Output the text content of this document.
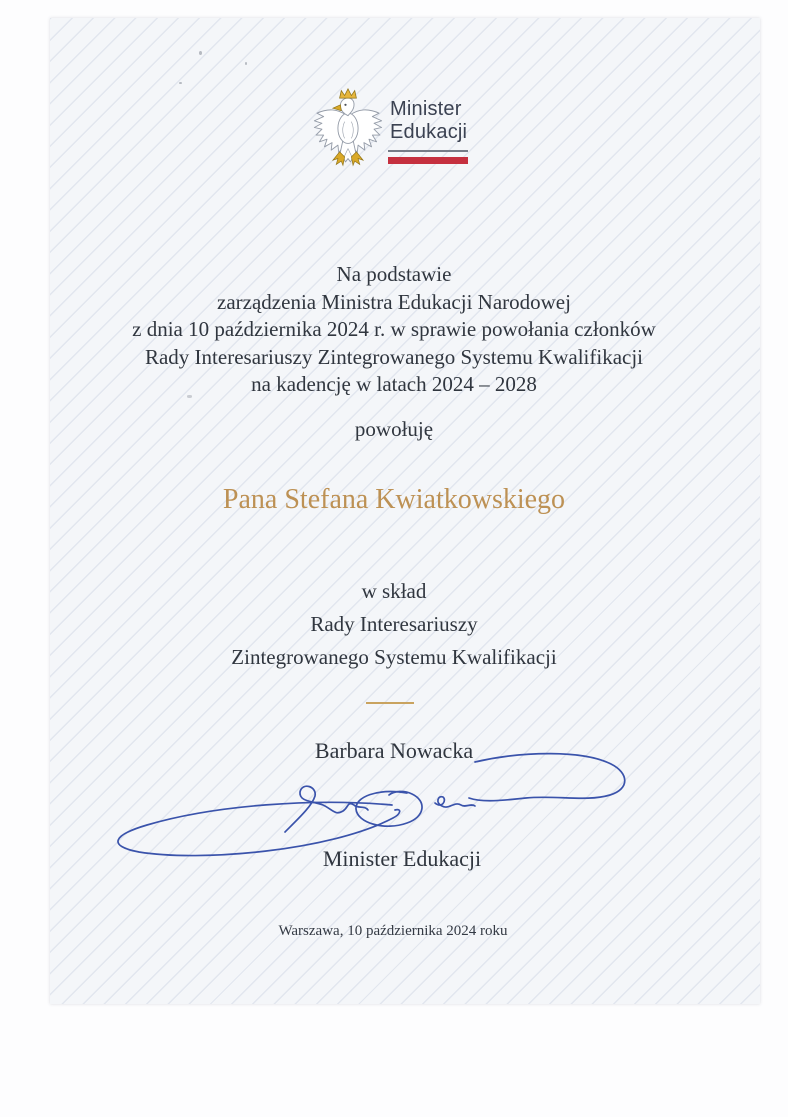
Minister
Edukacji
Na podstawie
zarządzenia Ministra Edukacji Narodowej
z dnia 10 października 2024 r. w sprawie powołania członków
Rady Interesariuszy Zintegrowanego Systemu Kwalifikacji
na kadencję w latach 2024 – 2028
powołuję
Pana Stefana Kwiatkowskiego
w skład
Rady Interesariuszy
Zintegrowanego Systemu Kwalifikacji
Barbara Nowacka
Minister Edukacji
Warszawa, 10 października 2024 roku
